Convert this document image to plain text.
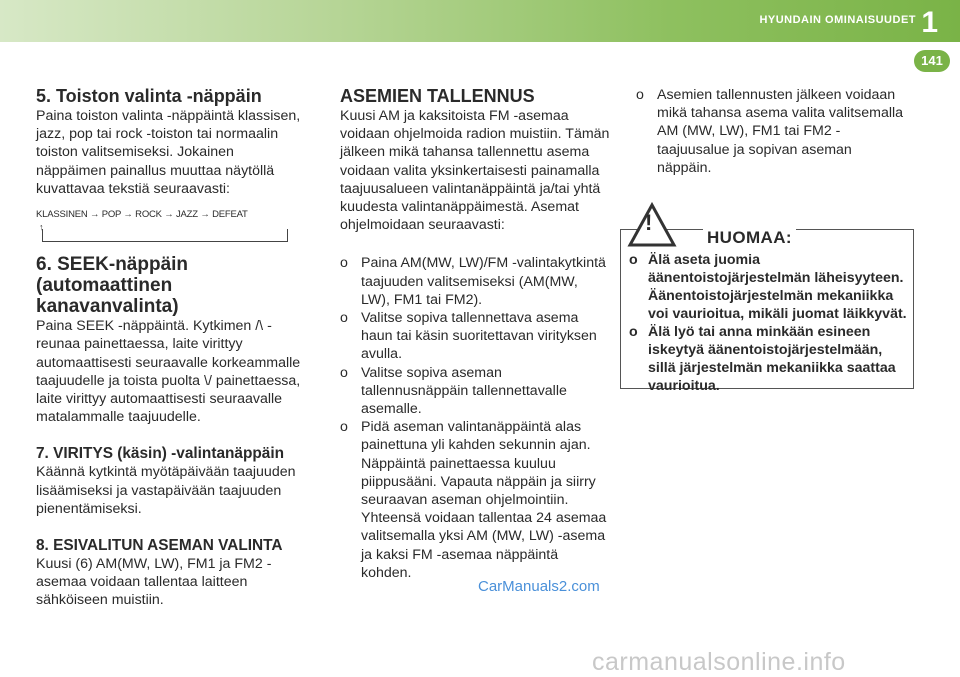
HYUNDAIN OMINAISUUDET 1
141
5. Toiston valinta -näppäin

Paina toiston valinta -näppäintä klassisen, jazz, pop tai rock -toiston tai normaalin toiston valitsemiseksi. Jokainen näppäimen painallus muuttaa näytöllä kuvattavaa tekstiä seuraavasti:

KLASSINEN → POP → ROCK → JAZZ → DEFEAT
↑
6. SEEK-näppäin (automaattinen kanavanvalinta)

Paina SEEK -näppäintä. Kytkimen /\ -reunaa painettaessa, laite virittyy automaattisesti seuraavalle korkeammalle taajuudelle ja toista puolta \/ painettaessa, laite virittyy automaattisesti seuraavalle matalammalle taajuudelle.

7. VIRITYS (käsin) -valintanäppäin

Käännä kytkintä myötäpäivään taajuuden lisäämiseksi ja vastapäivään taajuuden pienentämiseksi.

8. ESIVALITUN ASEMAN VALINTA

Kuusi (6) AM(MW, LW), FM1 ja FM2 -asemaa voidaan tallentaa laitteen sähköiseen muistiin.

ASEMIEN TALLENNUS

Kuusi AM ja kaksitoista FM -asemaa voidaan ohjelmoida radion muistiin. Tämän jälkeen mikä tahansa tallennettu asema voidaan valita yksinkertaisesti painamalla taajuusalueen valintanäppäintä ja/tai yhtä kuudesta valintanäppäimestä. Asemat ohjelmoidaan seuraavasti:

o Paina AM(MW, LW)/FM -valintakytkintä taajuuden valitsemiseksi (AM(MW, LW), FM1 tai FM2).
o Valitse sopiva tallennettava asema haun tai käsin suoritettavan virityksen avulla.
o Valitse sopiva aseman tallennusnäppäin tallennettavalle asemalle.
o Pidä aseman valintanäppäintä alas painettuna yli kahden sekunnin ajan. Näppäintä painettaessa kuuluu piippusääni. Vapauta näppäin ja siirry seuraavan aseman ohjelmointiin. Yhteensä voidaan tallentaa 24 asemaa valitsemalla yksi AM (MW, LW) -asema ja kaksi FM -asemaa näppäintä kohden.
o Asemien tallennusten jälkeen voidaan mikä tahansa asema valita valitsemalla AM (MW, LW), FM1 tai FM2 -taajuusalue ja sopivan aseman näppäin.
!
HUOMAA:
o Älä aseta juomia äänentoistojärjestelmän läheisyyteen. Äänentoistojärjestelmän mekaniikka voi vaurioitua, mikäli juomat läikkyvät.
o Älä lyö tai anna minkään esineen iskeytyä äänentoistojärjestelmään, sillä järjestelmän mekaniikka saattaa vaurioitua.
CarManuals2.com
carmanualsonline.info
